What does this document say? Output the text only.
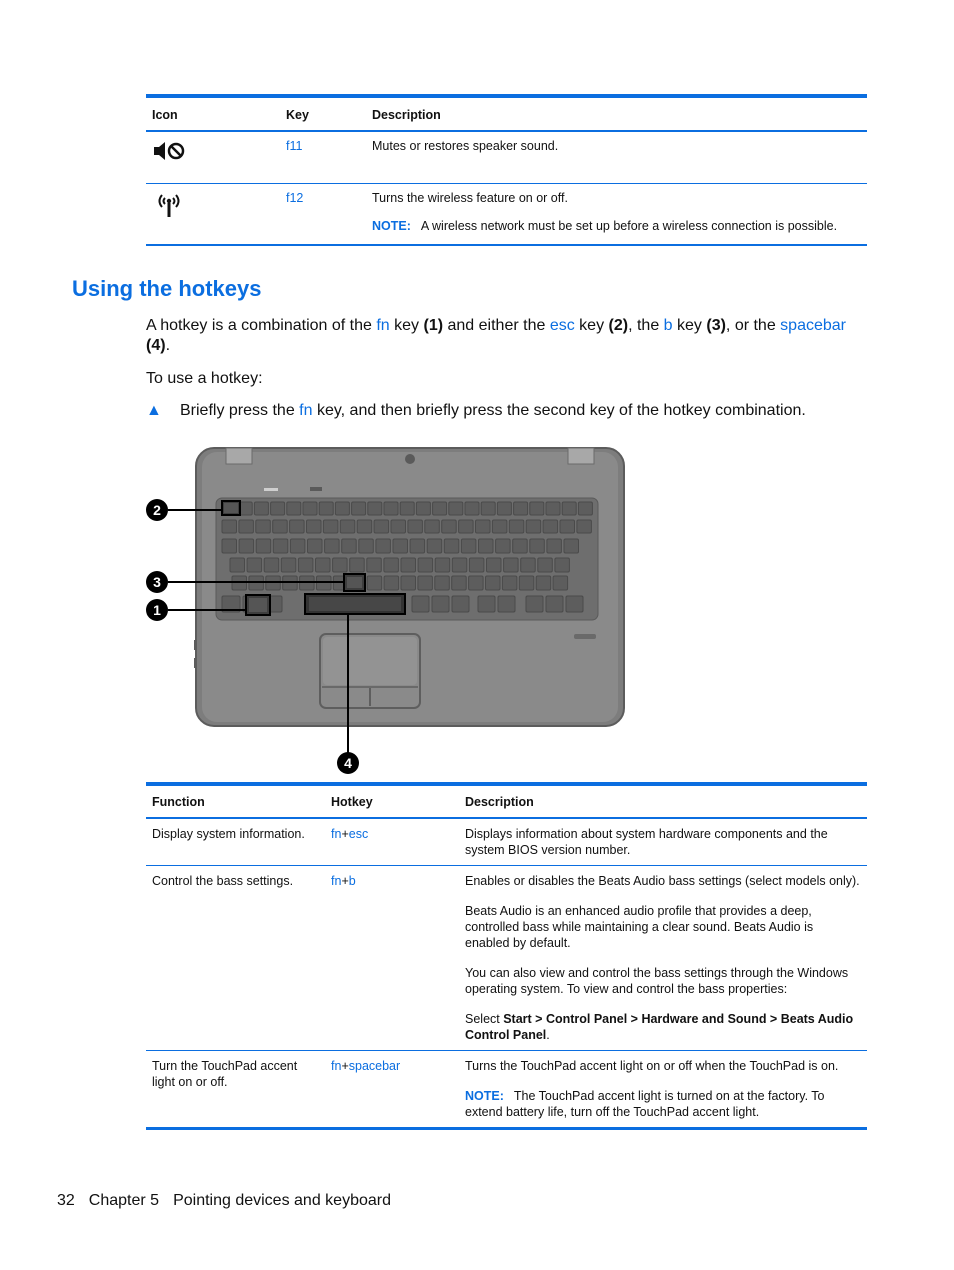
Icon	Key	Description
	f11	Mutes or restores speaker sound.
	f12	Turns the wireless feature on or off.
NOTE: A wireless network must be set up before a wireless connection is possible.
Using the hotkeys
A hotkey is a combination of the fn key (1) and either the esc key (2), the b key (3), or the spacebar
(4).
To use a hotkey:
▲ Briefly press the fn key, and then briefly press the second key of the hotkey combination.
2
3
1
4
Function	Hotkey	Description
Display system information.	fn+esc	Displays information about system hardware components and the system BIOS version number.

Control the bass settings.	fn+b	Enables or disables the Beats Audio bass settings (select models only).

Beats Audio is an enhanced audio profile that provides a deep, controlled bass while maintaining a clear sound. Beats Audio is enabled by default.

You can also view and control the bass settings through the Windows operating system. To view and control the bass properties:

Select Start > Control Panel > Hardware and Sound > Beats Audio Control Panel.

Turn the TouchPad accent light on or off.	fn+spacebar	Turns the TouchPad accent light on or off when the TouchPad is on.

NOTE: The TouchPad accent light is turned on at the factory. To extend battery life, turn off the TouchPad accent light.

32 Chapter 5 Pointing devices and keyboard
